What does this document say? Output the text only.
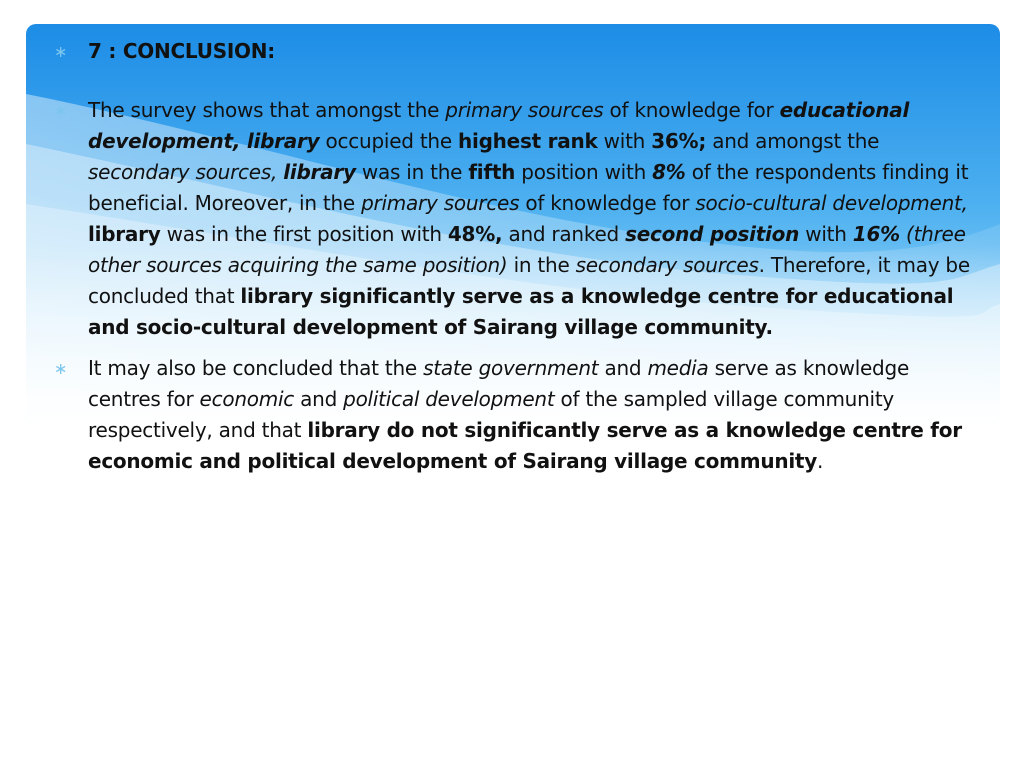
∗	7 : CONCLUSION:
∗	The survey shows that amongst the primary sources of knowledge for educational development, library occupied the highest rank with 36%; and amongst the secondary sources, library was in the fifth position with 8% of the respondents finding it beneficial. Moreover, in the primary sources of knowledge for socio-cultural development, library was in the first position with 48%, and ranked second position with 16% (three other sources acquiring the same position) in the secondary sources. Therefore, it may be concluded that library significantly serve as a knowledge centre for educational and socio-cultural development of Sairang village community.
∗	It may also be concluded that the state government and media serve as knowledge centres for economic and political development of the sampled village community respectively, and that library do not significantly serve as a knowledge centre for economic and political development of Sairang village community.
